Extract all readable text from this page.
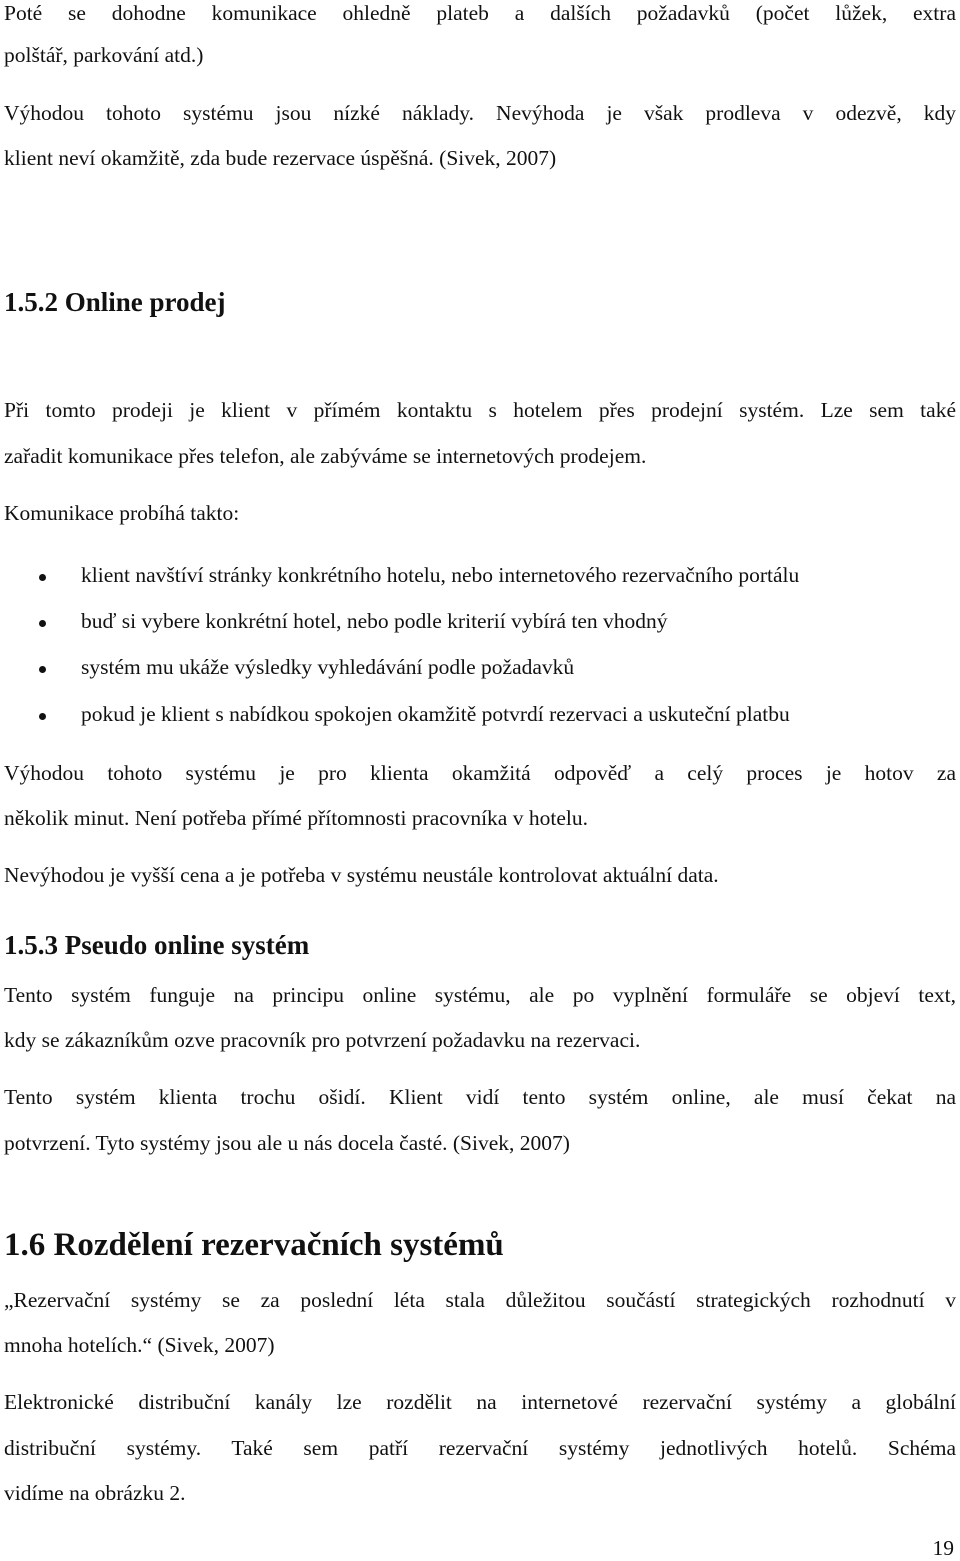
Poté se dohodne komunikace ohledně plateb a dalších požadavků (počet lůžek, extra
polštář, parkování atd.)
Výhodou tohoto systému jsou nízké náklady. Nevýhoda je však prodleva v odezvě, kdy
klient neví okamžitě, zda bude rezervace úspěšná. (Sivek, 2007)
1.5.2 Online prodej
Při tomto prodeji je klient v přímém kontaktu s hotelem přes prodejní systém. Lze sem také
zařadit komunikace přes telefon, ale zabýváme se internetových prodejem.
Komunikace probíhá takto:
klient navštíví stránky konkrétního hotelu, nebo internetového rezervačního portálu
buď si vybere konkrétní hotel, nebo podle kriterií vybírá ten vhodný
systém mu ukáže výsledky vyhledávání podle požadavků
pokud je klient s nabídkou spokojen okamžitě potvrdí rezervaci a uskuteční platbu
Výhodou tohoto systému je pro klienta okamžitá odpověď a celý proces je hotov za
několik minut. Není potřeba přímé přítomnosti pracovníka v hotelu.
Nevýhodou je vyšší cena a je potřeba v systému neustále kontrolovat aktuální data.
1.5.3 Pseudo online systém
Tento systém funguje na principu online systému, ale po vyplnění formuláře se objeví text,
kdy se zákazníkům ozve pracovník pro potvrzení požadavku na rezervaci.
Tento systém klienta trochu ošidí. Klient vidí tento systém online, ale musí čekat na
potvrzení. Tyto systémy jsou ale u nás docela časté. (Sivek, 2007)
1.6 Rozdělení rezervačních systémů
„Rezervační systémy se za poslední léta stala důležitou součástí strategických rozhodnutí v
mnoha hotelích.“ (Sivek, 2007)
Elektronické distribuční kanály lze rozdělit na internetové rezervační systémy a globální
distribuční systémy. Také sem patří rezervační systémy jednotlivých hotelů. Schéma
vidíme na obrázku 2.
19
